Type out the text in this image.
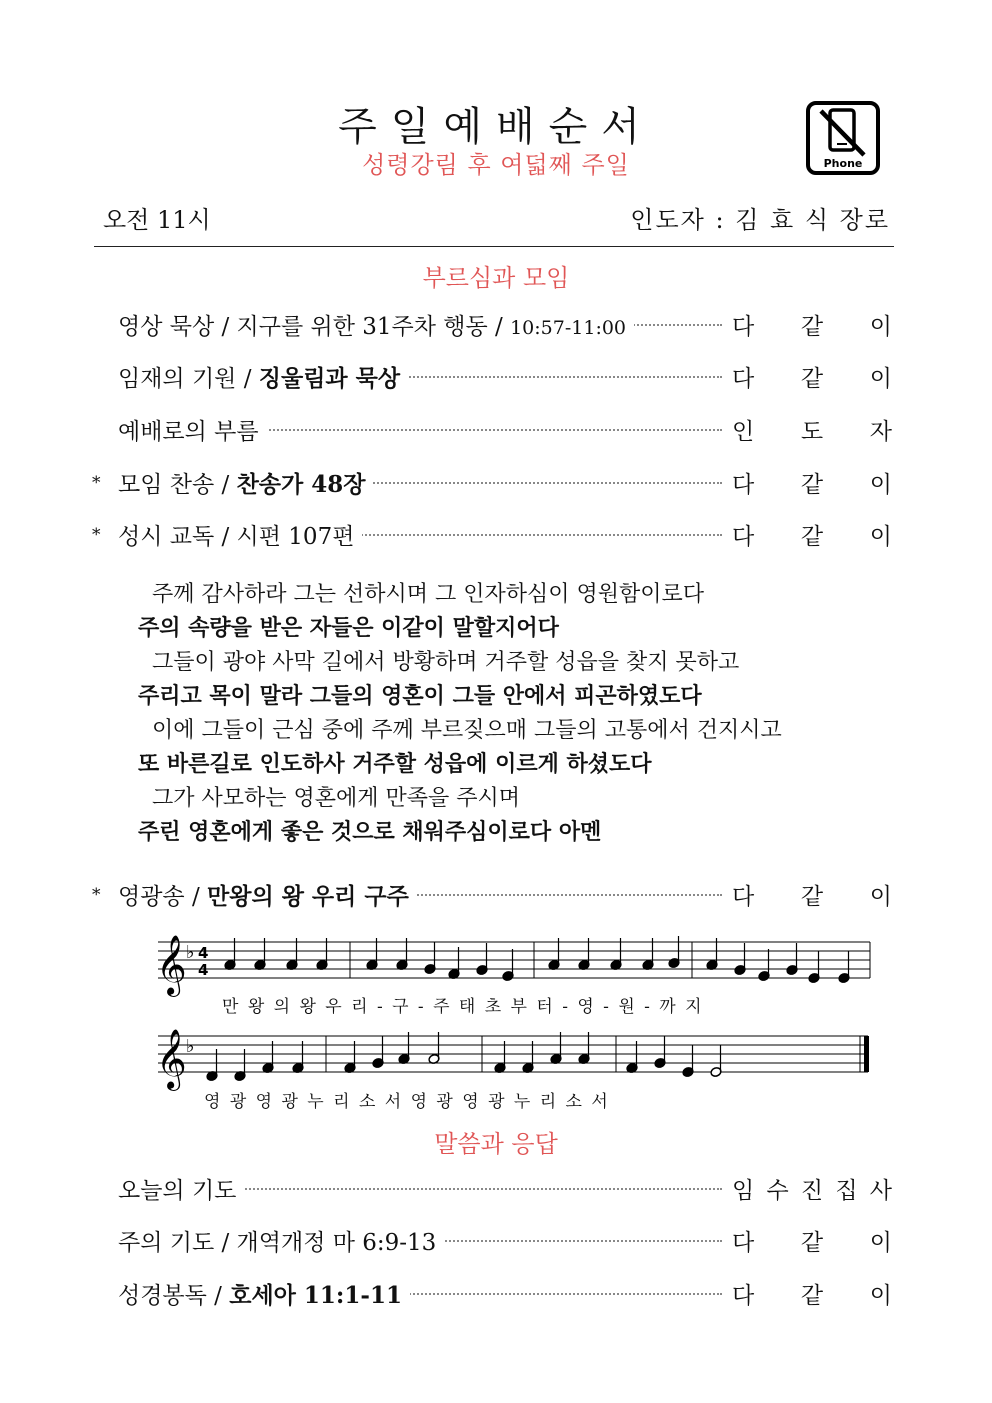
주일예배순서
성령강림 후 여덟째 주일	Phone
오전 11시	인도자 : 김 효 식 장로
부르심과 모임
영상 묵상 / 지구를 위한 31주차 행동 / 10:57-11:00	다 같 이
임재의 기원 / 징울림과 묵상	다 같 이
예배로의 부름	인 도 자
* 모임 찬송 / 찬송가 48장	다 같 이
* 성시 교독 / 시편 107편	다 같 이
주께 감사하라 그는 선하시며 그 인자하심이 영원함이로다
주의 속량을 받은 자들은 이같이 말할지어다
그들이 광야 사막 길에서 방황하며 거주할 성읍을 찾지 못하고
주리고 목이 말라 그들의 영혼이 그들 안에서 피곤하였도다
이에 그들이 근심 중에 주께 부르짖으매 그들의 고통에서 건지시고
또 바른길로 인도하사 거주할 성읍에 이르게 하셨도다
그가 사모하는 영혼에게 만족을 주시며
주린 영혼에게 좋은 것으로 채워주심이로다 아멘
* 영광송 / 만왕의 왕 우리 구주	다 같 이
𝄞
𝄞
♭
♭
4
4
만 왕 의 왕 우 리 - 구 - 주 태 초 부 터 - 영 - 원 - 까 지
영 광 영 광 누 리 소 서 영 광 영 광 누 리 소 서
말씀과 응답
오늘의 기도	임 수 진 집 사
주의 기도 / 개역개정 마 6:9-13	다 같 이
성경봉독 / 호세아 11:1-11	다 같 이
